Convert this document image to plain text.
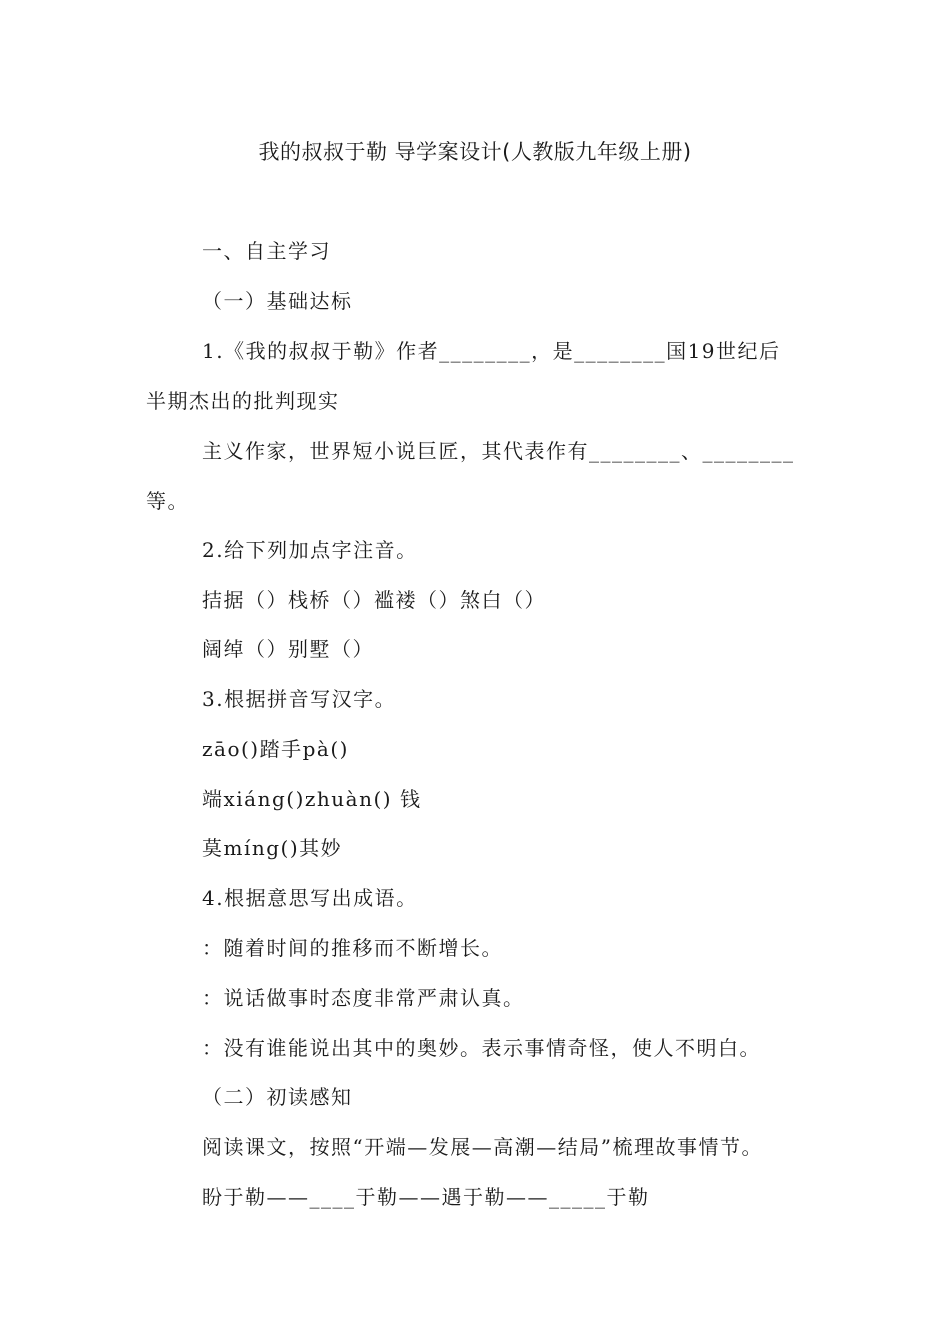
我的叔叔于勒 导学案设计(人教版九年级上册)
一、自主学习
（一）基础达标
1.《我的叔叔于勒》作者________，是________国19世纪后
半期杰出的批判现实
主义作家，世界短小说巨匠，其代表作有________、________
等。
2.给下列加点字注音。
拮据（）栈桥（）褴褛（）煞白（）
阔绰（）别墅（）
3.根据拼音写汉字。
zāo()踏手pà()
端xiáng()zhuàn() 钱
莫míng()其妙
4.根据意思写出成语。
：随着时间的推移而不断增长。
：说话做事时态度非常严肃认真。
：没有谁能说出其中的奥妙。表示事情奇怪，使人不明白。
（二）初读感知
阅读课文，按照“开端—发展—高潮—结局”梳理故事情节。
盼于勒——____于勒——遇于勒——_____于勒
